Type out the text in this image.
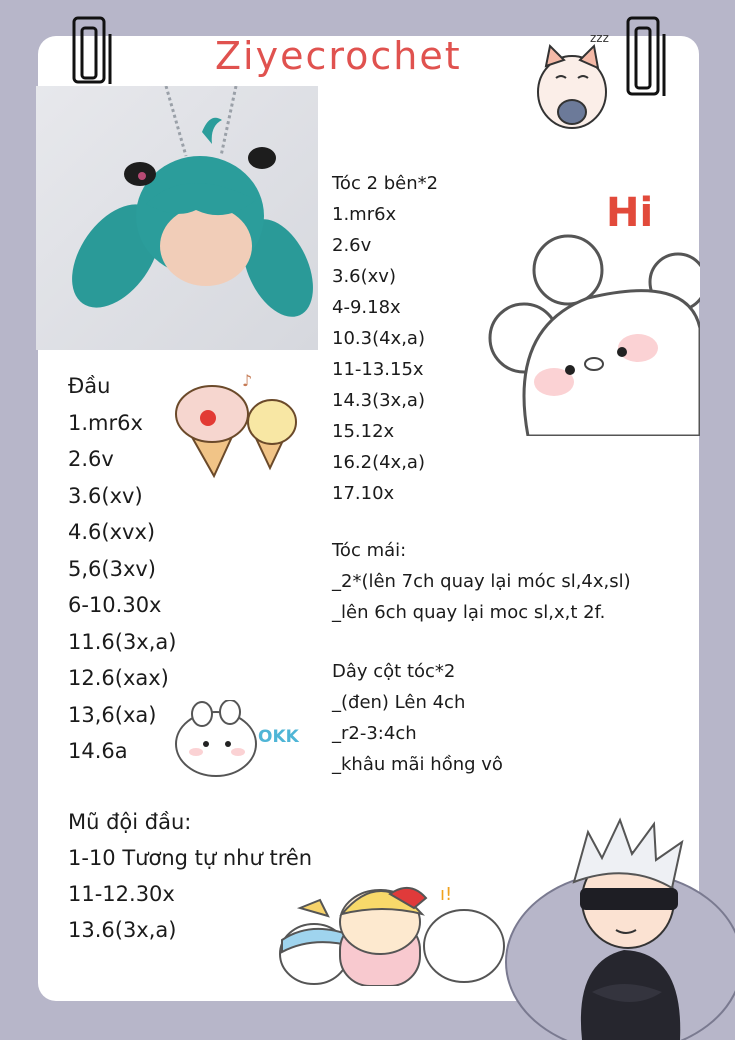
Ziyecrochet	zzz
Hi
♪
OKK
ı!
Tóc 2 bên*2
1.mr6x
2.6v
3.6(xv)
4-9.18x
10.3(4x,a)
11-13.15x
14.3(3x,a)
15.12x
16.2(4x,a)
17.10x
Tóc mái:
_2*(lên 7ch quay lại móc sl,4x,sl)
_lên 6ch quay lại moc sl,x,t 2f.
Dây cột tóc*2
_(đen) Lên 4ch
_r2-3:4ch
_khâu mãi hồng vô
Đầu
1.mr6x
2.6v
3.6(xv)
4.6(xvx)
5,6(3xv)
6-10.30x
11.6(3x,a)
12.6(xax)
13,6(xa)
14.6a
Mũ đội đầu:
1-10 Tương tự như trên
11-12.30x
13.6(3x,a)
